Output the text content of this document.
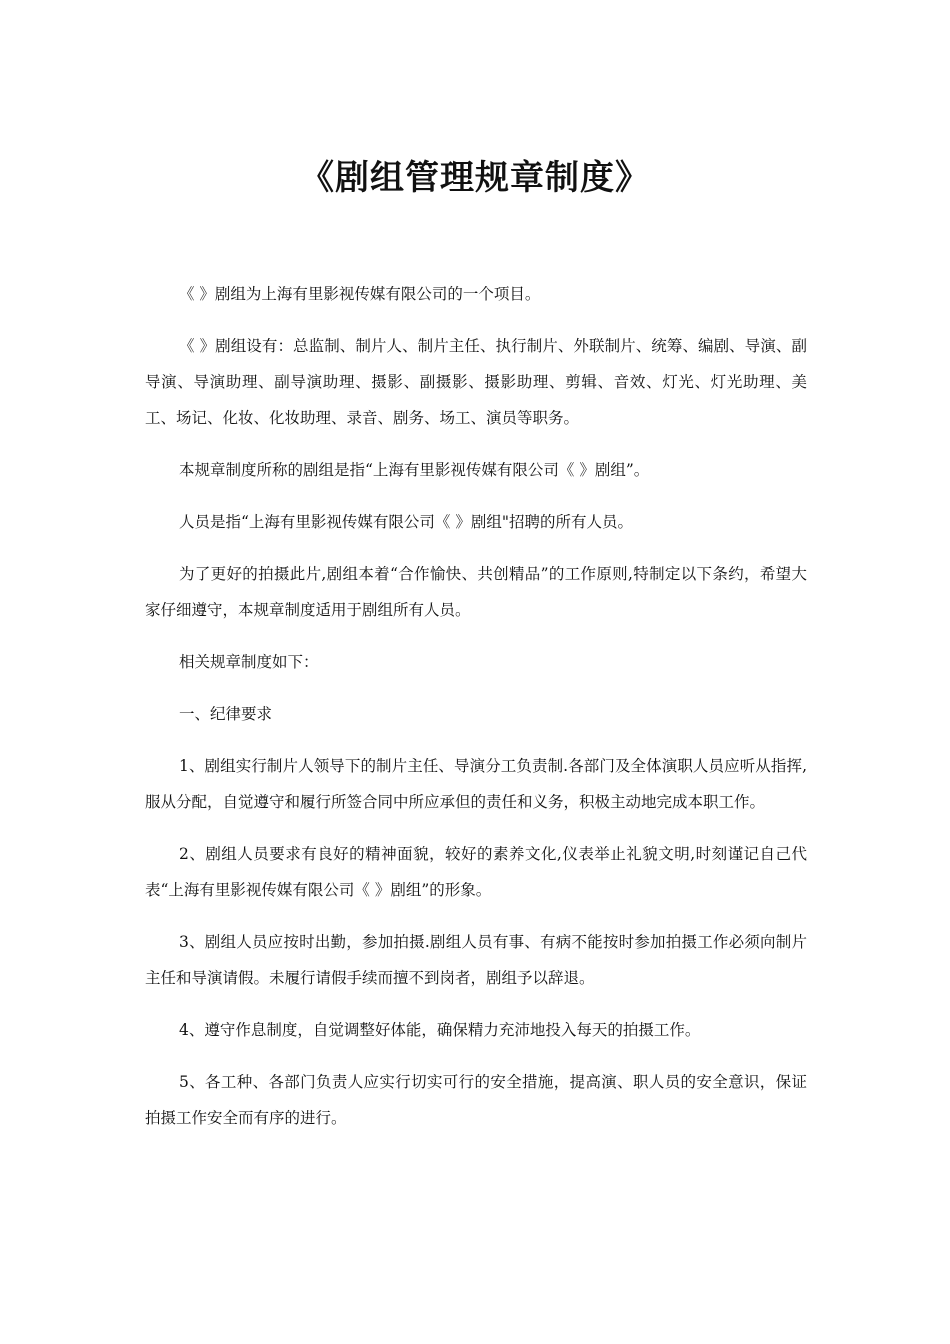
《剧组管理规章制度》

《 》剧组为上海有里影视传媒有限公司的一个项目。

《 》剧组设有：总监制、制片人、制片主任、执行制片、外联制片、统筹、编剧、导演、副导演、导演助理、副导演助理、摄影、副摄影、摄影助理、剪辑、音效、灯光、灯光助理、美工、场记、化妆、化妆助理、录音、剧务、场工、演员等职务。

本规章制度所称的剧组是指“上海有里影视传媒有限公司《 》剧组”。

人员是指“上海有里影视传媒有限公司《 》剧组"招聘的所有人员。

为了更好的拍摄此片,剧组本着“合作愉快、共创精品”的工作原则,特制定以下条约，希望大家仔细遵守，本规章制度适用于剧组所有人员。

相关规章制度如下：

一、纪律要求

1、剧组实行制片人领导下的制片主任、导演分工负责制.各部门及全体演职人员应听从指挥,服从分配，自觉遵守和履行所签合同中所应承但的责任和义务，积极主动地完成本职工作。

2、剧组人员要求有良好的精神面貌，较好的素养文化,仪表举止礼貌文明,时刻谨记自己代表“上海有里影视传媒有限公司《 》剧组”的形象。

3、剧组人员应按时出勤，参加拍摄.剧组人员有事、有病不能按时参加拍摄工作必须向制片主任和导演请假。未履行请假手续而擅不到岗者，剧组予以辞退。

4、遵守作息制度，自觉调整好体能，确保精力充沛地投入每天的拍摄工作。

5、各工种、各部门负责人应实行切实可行的安全措施，提高演、职人员的安全意识，保证拍摄工作安全而有序的进行。
